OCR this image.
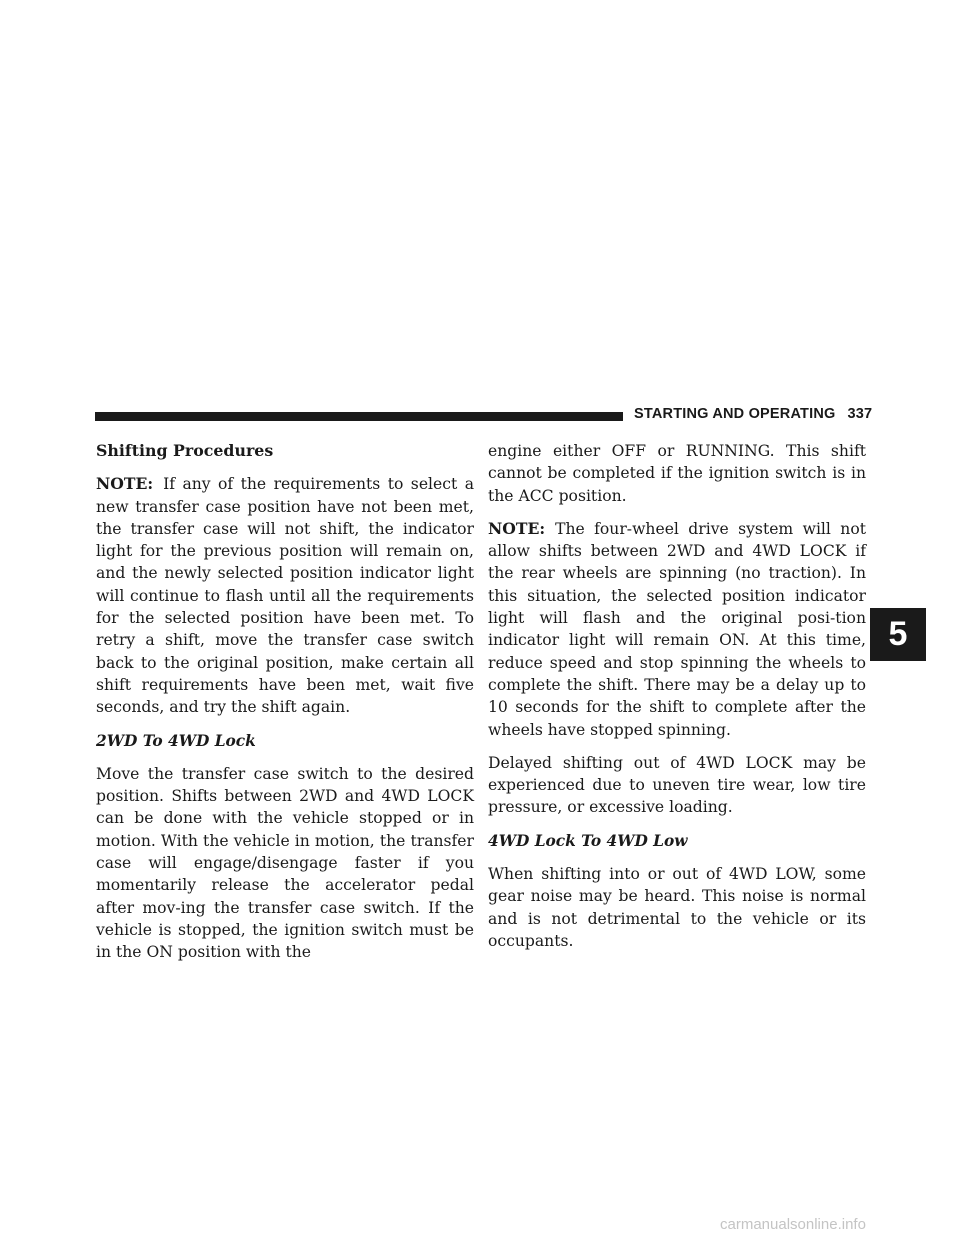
STARTING AND OPERATING 337

Shifting Procedures

NOTE: If any of the requirements to select a new transfer case position have not been met, the transfer case will not shift, the indicator light for the previous position will remain on, and the newly selected position indicator light will continue to flash until all the requirements for the selected position have been met. To retry a shift, move the transfer case switch back to the original position, make certain all shift requirements have been met, wait five seconds, and try the shift again.

2WD To 4WD Lock

Move the transfer case switch to the desired position. Shifts between 2WD and 4WD LOCK can be done with the vehicle stopped or in motion. With the vehicle in motion, the transfer case will engage/disengage faster if you momentarily release the accelerator pedal after mov-ing the transfer case switch. If the vehicle is stopped, the ignition switch must be in the ON position with the

engine either OFF or RUNNING. This shift cannot be completed if the ignition switch is in the ACC position.

NOTE: The four-wheel drive system will not allow shifts between 2WD and 4WD LOCK if the rear wheels are spinning (no traction). In this situation, the selected position indicator light will flash and the original posi-tion indicator light will remain ON. At this time, reduce speed and stop spinning the wheels to complete the shift. There may be a delay up to 10 seconds for the shift to complete after the wheels have stopped spinning.

Delayed shifting out of 4WD LOCK may be experienced due to uneven tire wear, low tire pressure, or excessive loading.

4WD Lock To 4WD Low

When shifting into or out of 4WD LOW, some gear noise may be heard. This noise is normal and is not detrimental to the vehicle or its occupants.

5
carmanualsonline.info
